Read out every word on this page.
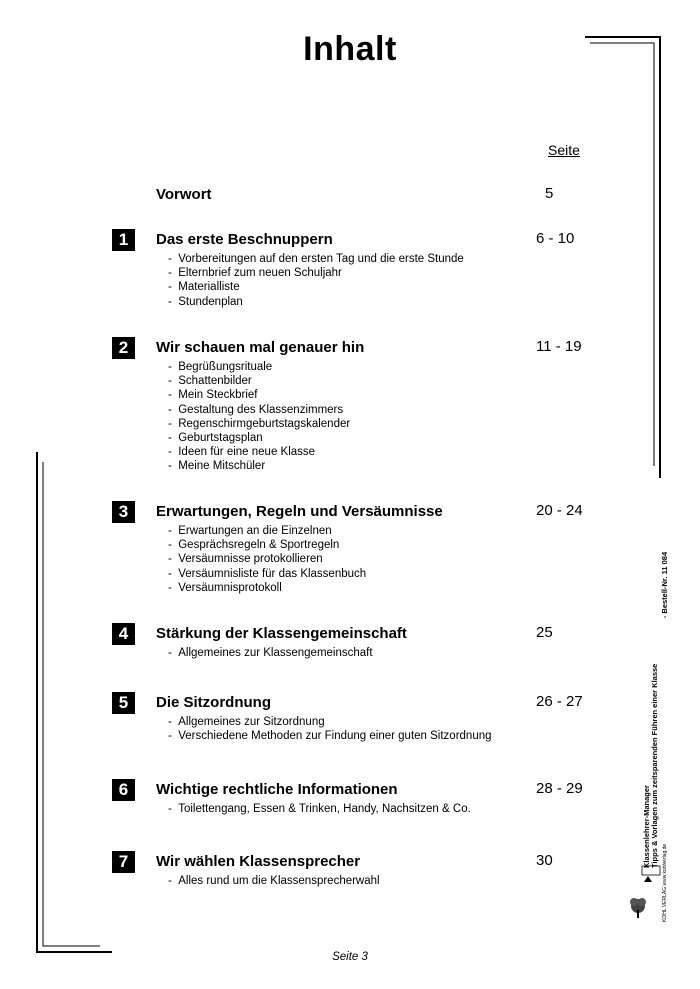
Inhalt
Seite
Vorwort	5
1	Das erste Beschnuppern	6 - 10
-  Vorbereitungen auf den ersten Tag und die erste Stunde
-  Elternbrief zum neuen Schuljahr
-  Materialliste
-  Stundenplan
2	Wir schauen mal genauer hin	11 - 19
-  Begrüßungsrituale
-  Schattenbilder
-  Mein Steckbrief
-  Gestaltung des Klassenzimmers
-  Regenschirmgeburtstagskalender
-  Geburtstagsplan
-  Ideen für eine neue Klasse
-  Meine Mitschüler
3	Erwartungen, Regeln und Versäumnisse	20 - 24
-  Erwartungen an die Einzelnen
-  Gesprächsregeln & Sportregeln
-  Versäumnisse protokollieren
-  Versäumnisliste für das Klassenbuch
-  Versäumnisprotokoll
4	Stärkung der Klassengemeinschaft	25
-  Allgemeines zur Klassengemeinschaft
5	Die Sitzordnung	26 - 27
-  Allgemeines zur Sitzordnung
-  Verschiedene Methoden zur Findung einer guten Sitzordnung
6	Wichtige rechtliche Informationen	28 - 29
-  Toilettengang, Essen & Trinken, Handy, Nachsitzen & Co.
7	Wir wählen Klassensprecher	30
-  Alles rund um die Klassensprecherwahl
Seite 3
Klassenlehrer-Manager Tipps & Vorlagen zum zeitsparenden Führen einer Klasse
- Bestell-Nr. 11 084
KOHL VERLAG www.kohlverlag.de
